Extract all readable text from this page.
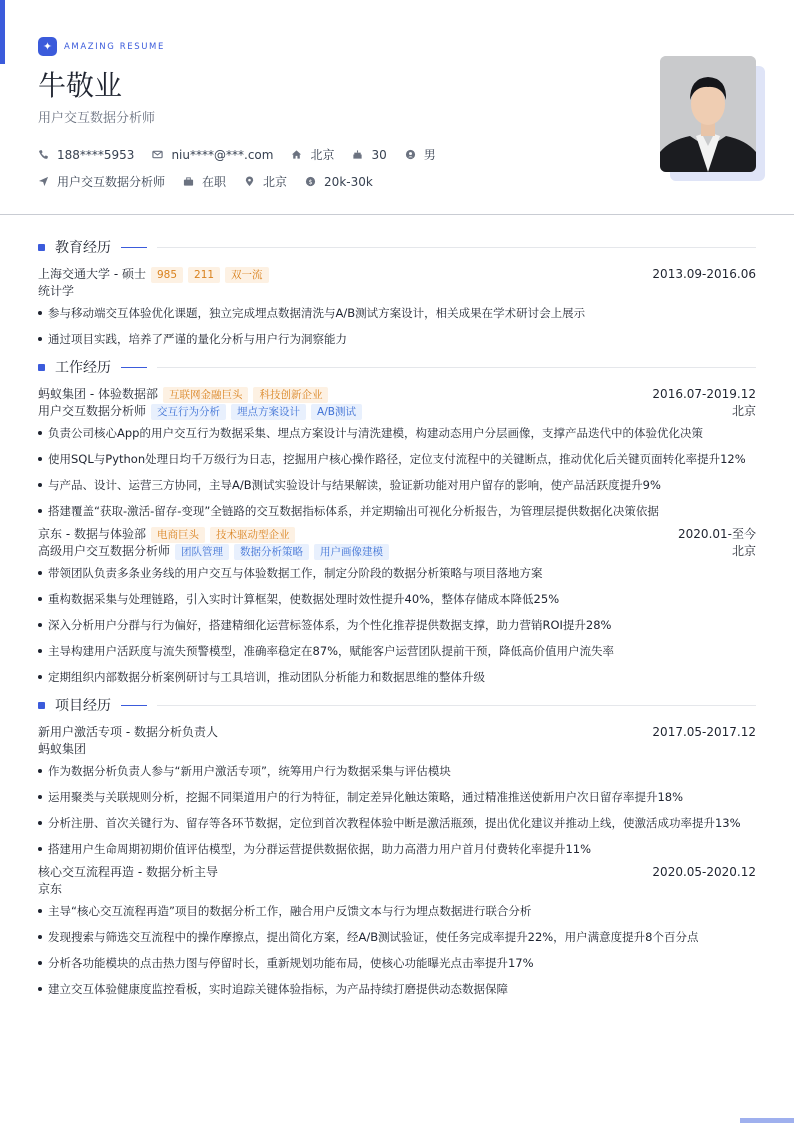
✦	AMAZING RESUME
牛敬业
用户交互数据分析师
188****5953	niu****@***.com	北京	30	男
用户交互数据分析师	在职	北京	$ 20k-30k
教育经历
上海交通大学 - 硕士	985	211	双一流	2013.09-2016.06
统计学
参与移动端交互体验优化课题，独立完成埋点数据清洗与A/B测试方案设计，相关成果在学术研讨会上展示
通过项目实践，培养了严谨的量化分析与用户行为洞察能力
工作经历
蚂蚁集团 - 体验数据部	互联网金融巨头	科技创新企业	2016.07-2019.12
用户交互数据分析师	交互行为分析	埋点方案设计	A/B测试	北京
负责公司核心App的用户交互行为数据采集、埋点方案设计与清洗建模，构建动态用户分层画像，支撑产品迭代中的体验优化决策
使用SQL与Python处理日均千万级行为日志，挖掘用户核心操作路径，定位支付流程中的关键断点，推动优化后关键页面转化率提升12%
与产品、设计、运营三方协同，主导A/B测试实验设计与结果解读，验证新功能对用户留存的影响，使产品活跃度提升9%
搭建覆盖“获取-激活-留存-变现”全链路的交互数据指标体系，并定期输出可视化分析报告，为管理层提供数据化决策依据
京东 - 数据与体验部	电商巨头	技术驱动型企业	2020.01-至今
高级用户交互数据分析师	团队管理	数据分析策略	用户画像建模	北京
带领团队负责多条业务线的用户交互与体验数据工作，制定分阶段的数据分析策略与项目落地方案
重构数据采集与处理链路，引入实时计算框架，使数据处理时效性提升40%，整体存储成本降低25%
深入分析用户分群与行为偏好，搭建精细化运营标签体系，为个性化推荐提供数据支撑，助力营销ROI提升28%
主导构建用户活跃度与流失预警模型，准确率稳定在87%，赋能客户运营团队提前干预，降低高价值用户流失率
定期组织内部数据分析案例研讨与工具培训，推动团队分析能力和数据思维的整体升级
项目经历
新用户激活专项 - 数据分析负责人	2017.05-2017.12
蚂蚁集团
作为数据分析负责人参与“新用户激活专项”，统筹用户行为数据采集与评估模块
运用聚类与关联规则分析，挖掘不同渠道用户的行为特征，制定差异化触达策略，通过精准推送使新用户次日留存率提升18%
分析注册、首次关键行为、留存等各环节数据，定位到首次教程体验中断是激活瓶颈，提出优化建议并推动上线，使激活成功率提升13%
搭建用户生命周期初期价值评估模型，为分群运营提供数据依据，助力高潜力用户首月付费转化率提升11%
核心交互流程再造 - 数据分析主导	2020.05-2020.12
京东
主导“核心交互流程再造”项目的数据分析工作，融合用户反馈文本与行为埋点数据进行联合分析
发现搜索与筛选交互流程中的操作摩擦点，提出简化方案，经A/B测试验证，使任务完成率提升22%，用户满意度提升8个百分点
分析各功能模块的点击热力图与停留时长，重新规划功能布局，使核心功能曝光点击率提升17%
建立交互体验健康度监控看板，实时追踪关键体验指标，为产品持续打磨提供动态数据保障
